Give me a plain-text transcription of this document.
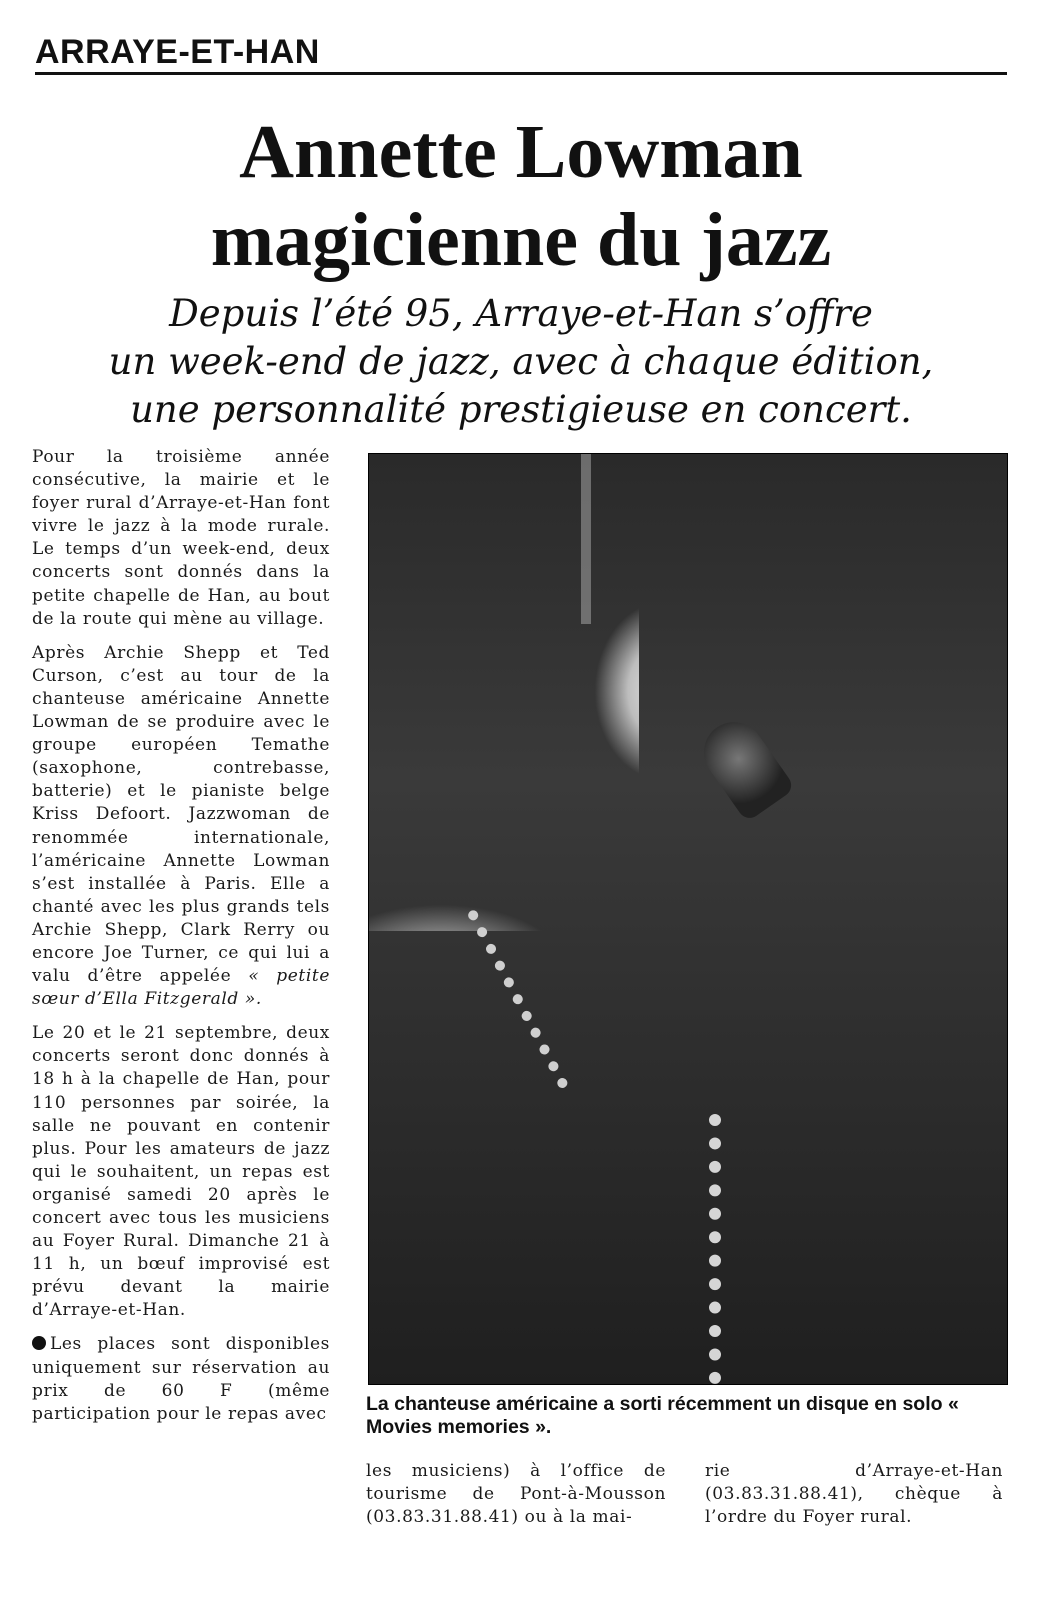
ARRAYE-ET-HAN
Annette Lowman
magicienne du jazz
Depuis l’été 95, Arraye-et-Han s’offre
un week-end de jazz, avec à chaque édition,
une personnalité prestigieuse en concert.

Pour la troisième année consécutive, la mairie et le foyer rural d’Arraye-et-Han font vivre le jazz à la mode rurale. Le temps d’un week-end, deux concerts sont donnés dans la petite chapelle de Han, au bout de la route qui mène au village.

Après Archie Shepp et Ted Curson, c’est au tour de la chanteuse américaine Annette Lowman de se produire avec le groupe européen Temathe (saxophone, contrebasse, batterie) et le pianiste belge Kriss Defoort. Jazzwoman de renommée internationale, l’américaine Annette Lowman s’est installée à Paris. Elle a chanté avec les plus grands tels Archie Shepp, Clark Rerry ou encore Joe Turner, ce qui lui a valu d’être appelée « petite sœur d’Ella Fitzgerald ».

Le 20 et le 21 septembre, deux concerts seront donc donnés à 18 h à la chapelle de Han, pour 110 personnes par soirée, la salle ne pouvant en contenir plus. Pour les amateurs de jazz qui le souhaitent, un repas est organisé samedi 20 après le concert avec tous les musiciens au Foyer Rural. Dimanche 21 à 11 h, un bœuf improvisé est prévu devant la mairie d’Arraye-et-Han.

Les places sont disponibles uniquement sur réservation au prix de 60 F (même participation pour le repas avec La chanteuse américaine a sorti récemment un disque en solo « Movies memories ».
les musiciens) à l’office de tourisme de Pont-à-Mousson (03.83.31.88.41) ou à la mai-
rie d’Arraye-et-Han (03.83.31.88.41), chèque à l’ordre du Foyer rural.
